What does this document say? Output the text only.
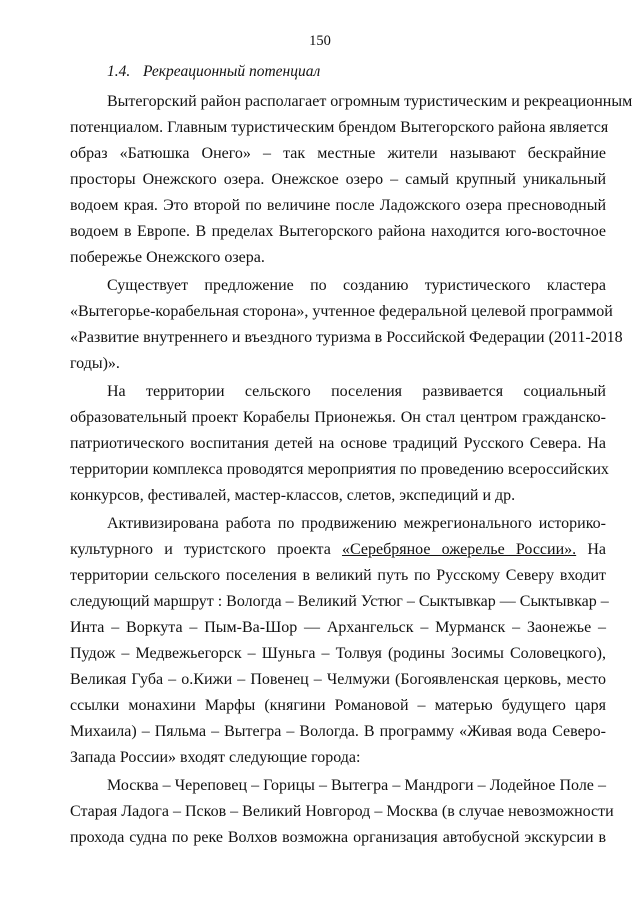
150
1.4. Рекреационный потенциал
Вытегорский район располагает огромным туристическим и рекреационным
потенциалом. Главным туристическим брендом Вытегорского района является
образ «Батюшка Онего» – так местные жители называют бескрайние
просторы Онежского озера. Онежское озеро – самый крупный уникальный
водоем края. Это второй по величине после Ладожского озера пресноводный
водоем в Европе. В пределах Вытегорского района находится юго-восточное
побережье Онежского озера.
Существует предложение по созданию туристического кластера
«Вытегорье-корабельная сторона», учтенное федеральной целевой программой
«Развитие внутреннего и въездного туризма в Российской Федерации (2011-2018
годы)».
На территории сельского поселения развивается социальный
образовательный проект Корабелы Прионежья. Он стал центром гражданско-
патриотического воспитания детей на основе традиций Русского Севера. На
территории комплекса проводятся мероприятия по проведению всероссийских
конкурсов, фестивалей, мастер-классов, слетов, экспедиций и др.
Активизирована работа по продвижению межрегионального историко-
культурного и туристского проекта «Серебряное ожерелье России». На
территории сельского поселения в великий путь по Русскому Северу входит
следующий маршрут : Вологда – Великий Устюг – Сыктывкар — Сыктывкар –
Инта – Воркута – Пым-Ва-Шор — Архангельск – Мурманск – Заонежье –
Пудож – Медвежьегорск – Шуньга – Толвуя (родины Зосимы Соловецкого),
Великая Губа – о.Кижи – Повенец – Челмужи (Богоявленская церковь, место
ссылки монахини Марфы (княгини Романовой – матерью будущего царя
Михаила) – Пяльма – Вытегра – Вологда. В программу «Живая вода Северо-
Запада России» входят следующие города:
Москва – Череповец – Горицы – Вытегра – Мандроги – Лодейное Поле –
Старая Ладога – Псков – Великий Новгород – Москва (в случае невозможности
прохода судна по реке Волхов возможна организация автобусной экскурсии в
